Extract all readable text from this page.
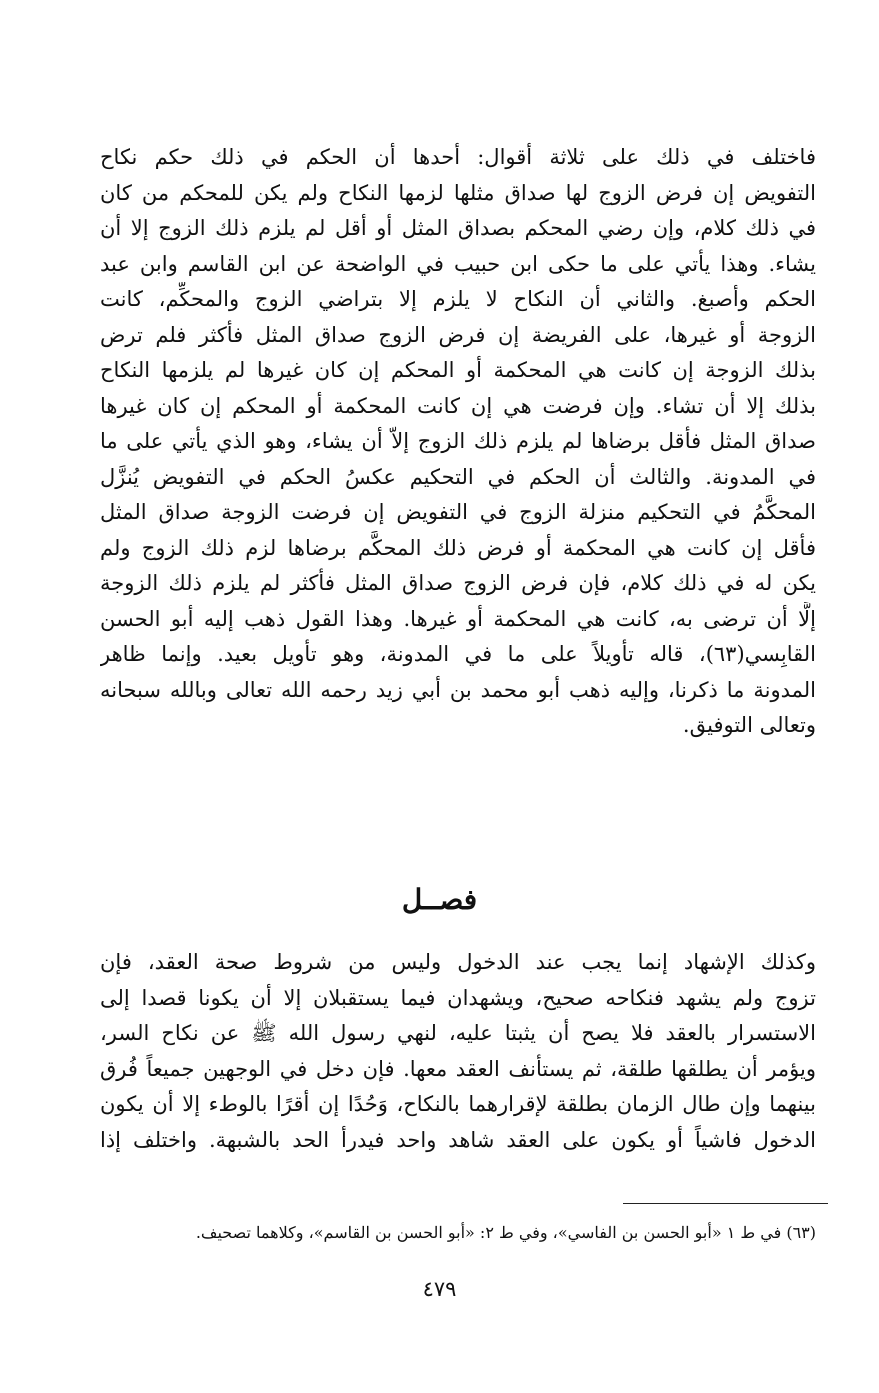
فاختلف في ذلك على ثلاثة أقوال: أحدها أن الحكم في ذلك حكم نكاح
التفويض إن فرض الزوج لها صداق مثلها لزمها النكاح ولم يكن للمحكم من كان
في ذلك كلام، وإن رضي المحكم بصداق المثل أو أقل لم يلزم ذلك الزوج إلا أن
يشاء. وهذا يأتي على ما حكى ابن حبيب في الواضحة عن ابن القاسم وابن عبد
الحكم وأصبغ. والثاني أن النكاح لا يلزم إلا بتراضي الزوج والمحكِّم، كانت
الزوجة أو غيرها، على الفريضة إن فرض الزوج صداق المثل فأكثر فلم ترض
بذلك الزوجة إن كانت هي المحكمة أو المحكم إن كان غيرها لم يلزمها النكاح
بذلك إلا أن تشاء. وإن فرضت هي إن كانت المحكمة أو المحكم إن كان غيرها
صداق المثل فأقل برضاها لم يلزم ذلك الزوج إلاّ أن يشاء، وهو الذي يأتي على ما
في المدونة. والثالث أن الحكم في التحكيم عكسُ الحكم في التفويض يُنزَّل
المحكَّمُ في التحكيم منزلة الزوج في التفويض إن فرضت الزوجة صداق المثل
فأقل إن كانت هي المحكمة أو فرض ذلك المحكَّم برضاها لزم ذلك الزوج ولم
يكن له في ذلك كلام، فإن فرض الزوج صداق المثل فأكثر لم يلزم ذلك الزوجة
إلَّا أن ترضى به، كانت هي المحكمة أو غيرها. وهذا القول ذهب إليه أبو الحسن
القابِسي(٦٣)، قاله تأويلاً على ما في المدونة، وهو تأويل بعيد. وإنما ظاهر
المدونة ما ذكرنا، وإليه ذهب أبو محمد بن أبي زيد رحمه الله تعالى وبالله سبحانه
وتعالى التوفيق.
فصــل
وكذلك الإشهاد إنما يجب عند الدخول وليس من شروط صحة العقد، فإن
تزوج ولم يشهد فنكاحه صحيح، ويشهدان فيما يستقبلان إلا أن يكونا قصدا إلى
الاستسرار بالعقد فلا يصح أن يثبتا عليه، لنهي رسول الله ﷺ عن نكاح السر،
ويؤمر أن يطلقها طلقة، ثم يستأنف العقد معها. فإن دخل في الوجهين جميعاً فُرق
بينهما وإن طال الزمان بطلقة لإقرارهما بالنكاح، وَحُدًا إن أقرًا بالوطء إلا أن يكون
الدخول فاشياً أو يكون على العقد شاهد واحد فيدرأ الحد بالشبهة. واختلف إذا
(٦٣) في ط ١ «أبو الحسن بن الفاسي»، وفي ط ٢: «أبو الحسن بن القاسم»، وكلاهما تصحيف.
٤٧٩
